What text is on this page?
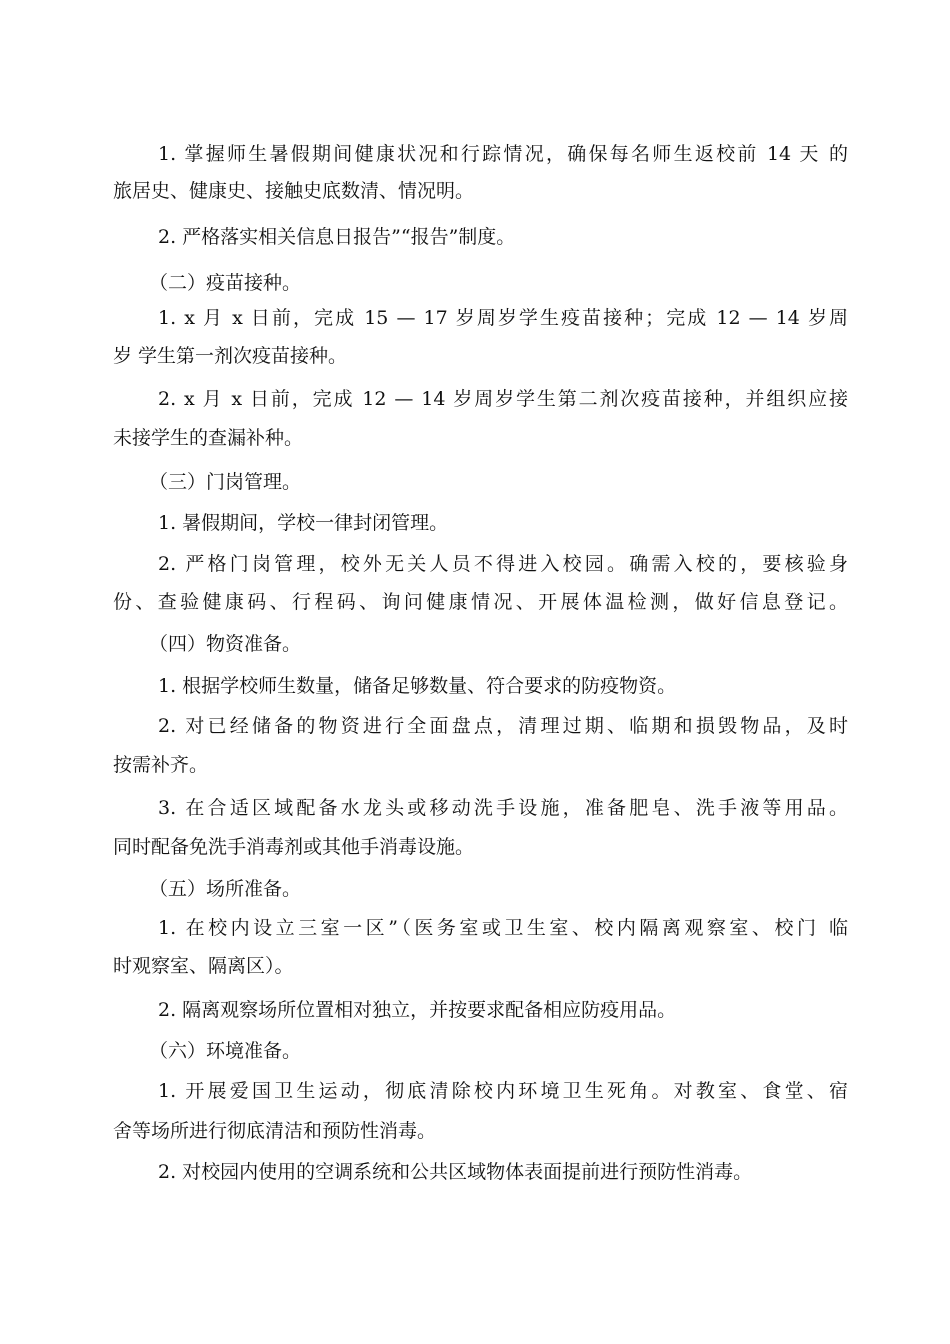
1. 掌握师生暑假期间健康状况和行踪情况，确保每名师生返校前 14 天 的
旅居史、健康史、接触史底数清、情况明。
2. 严格落实相关信息日报告”“报告”制度。
（二）疫苗接种。
1. x 月 x 日前，完成 15 — 17 岁周岁学生疫苗接种；完成 12 — 14 岁周
岁 学生第一剂次疫苗接种。
2. x 月 x 日前，完成 12 — 14 岁周岁学生第二剂次疫苗接种，并组织应接
未接学生的查漏补种。
（三）门岗管理。
1. 暑假期间，学校一律封闭管理。
2. 严格门岗管理，校外无关人员不得进入校园。确需入校的，要核验身
份、查验健康码、行程码、询问健康情况、开展体温检测，做好信息登记。
（四）物资准备。
1. 根据学校师生数量，储备足够数量、符合要求的防疫物资。
2. 对已经储备的物资进行全面盘点，清理过期、临期和损毁物品，及时
按需补齐。
3. 在合适区域配备水龙头或移动洗手设施，准备肥皂、洗手液等用品。
同时配备免洗手消毒剂或其他手消毒设施。
（五）场所准备。
1. 在校内设立三室一区”（医务室或卫生室、校内隔离观察室、校门 临
时观察室、隔离区）。
2. 隔离观察场所位置相对独立，并按要求配备相应防疫用品。
（六）环境准备。
1. 开展爱国卫生运动，彻底清除校内环境卫生死角。对教室、食堂、宿
舍等场所进行彻底清洁和预防性消毒。
2. 对校园内使用的空调系统和公共区域物体表面提前进行预防性消毒。
